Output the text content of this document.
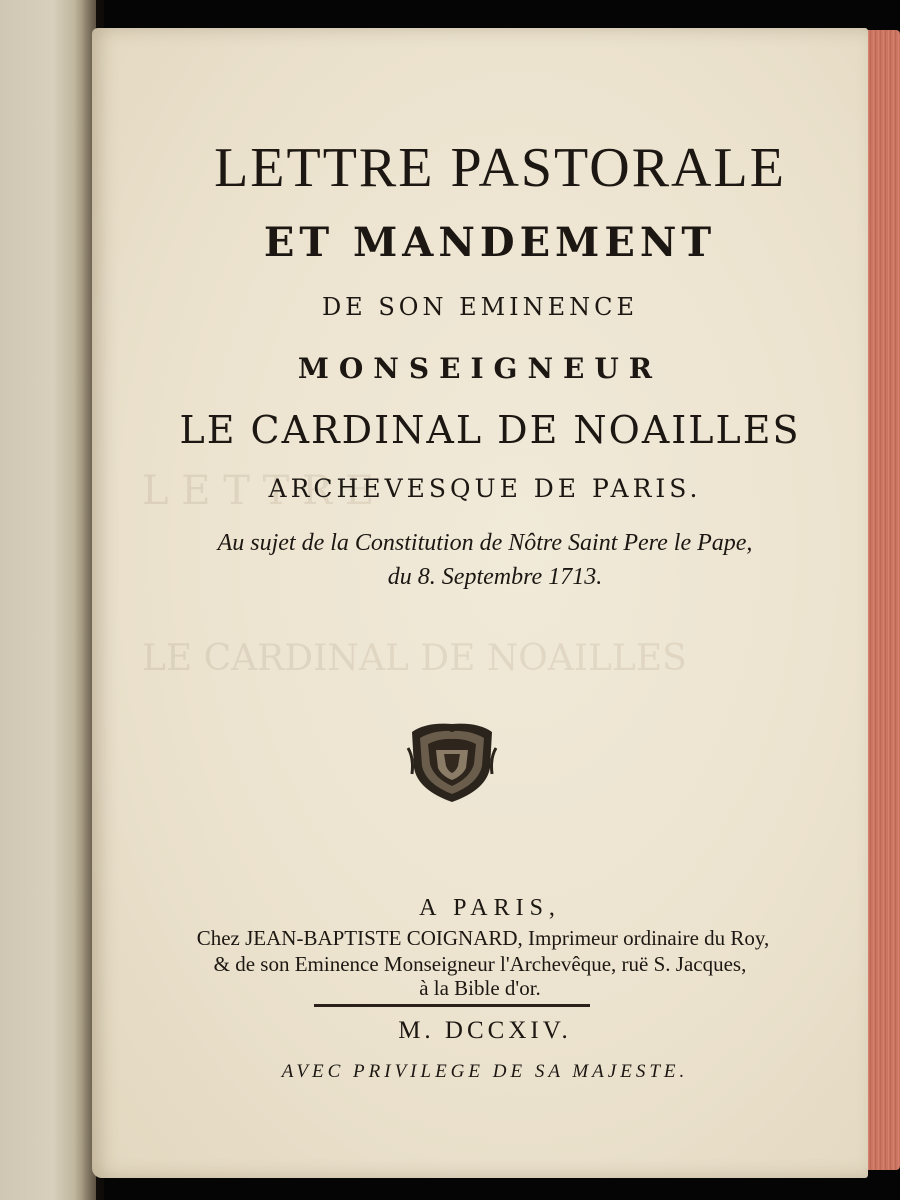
L E T T R E
LE CARDINAL DE NOAILLES
LETTRE PASTORALE
ET MANDEMENT
DE SON EMINENCE
MONSEIGNEUR
LE CARDINAL DE NOAILLES
ARCHEVESQUE DE PARIS.
Au sujet de la Constitution de Nôtre Saint Pere le Pape,
du 8. Septembre 1713.
A PARIS,
Chez JEAN-BAPTISTE COIGNARD, Imprimeur ordinaire du Roy,
& de son Eminence Monseigneur l'Archevêque, ruë S. Jacques,
à la Bible d'or.
M. DCCXIV.
AVEC PRIVILEGE DE SA MAJESTE.
